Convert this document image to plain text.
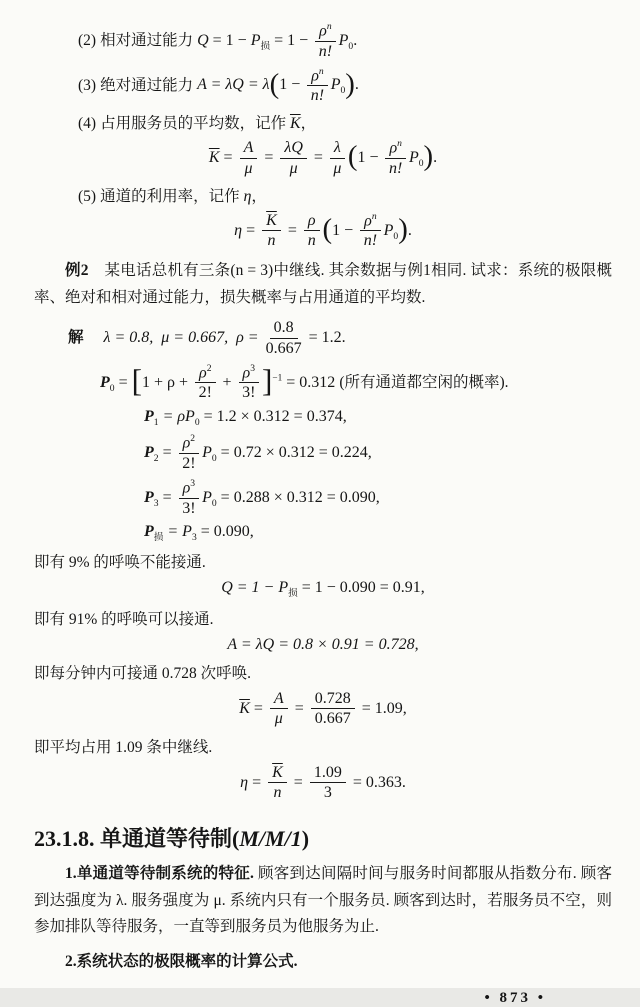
(2) 相对通过能力 $Q = 1 - P_损 = 1 - \frac{\rho^n}{n!} P_0$.
(3) 绝对通过能力 $A = \lambda Q = \lambda(1 - \frac{\rho^n}{n!} P_0)$.
(4) 占用服务员的平均数，记作 $\overline{K}$，
$\overline{K} = \frac{A}{\mu} = \frac{\lambda Q}{\mu} = \frac{\lambda}{\mu} (1 - \frac{\rho^n}{n!} P_0)$.
(5) 通道的利用率，记作 η，
$\eta = \frac{\overline{K}}{n} = \frac{\rho}{n} (1 - \frac{\rho^n}{n!} P_0)$.

例2　 某电话总机有三条(n = 3)中继线. 其余数据与例1相同. 试求：系统的极限概率、绝对和相对通过能力，损失概率与占用通道的平均数.

解　 λ = 0.8, μ = 0.667, $\rho = \frac{0.8}{0.667} = 1.2$.
$P_0 = [1 + \rho + \frac{\rho^2}{2!} + \frac{\rho^3}{3!} ]^{-1} = 0.312$ (所有通道都空闲的概率).
$P_1 = \rho P_0 = 1.2 \times 0.312 = 0.374$,
$P_2 = \frac{\rho^2}{2!} P_0 = 0.72 \times 0.312 = 0.224$,
$P_3 = \frac{\rho^3}{3!} P_0 = 0.288 \times 0.312 = 0.090$,
$P_损 = P_3 = 0.090$,
即有 9% 的呼唤不能接通.
$Q = 1 - P_损 = 1 - 0.090 = 0.91$,
即有 91% 的呼唤可以接通.
A = λQ = 0.8 × 0.91 = 0.728,
即每分钟内可接通 0.728 次呼唤.
$\overline{K} = \frac{A}{\mu} = \frac{0.728}{0.667} = 1.09$,
即平均占用 1.09 条中继线.
$\eta = \frac{\overline{K}}{n} = \frac{1.09}{3} = 0.363$.
23.1.8. 单通道等待制(M/M/1)

1.单通道等待制系统的特征. 顾客到达间隔时间与服务时间都服从指数分布. 顾客到达强度为 λ. 服务强度为 μ. 系统内只有一个服务员. 顾客到达时，若服务员不空，则参加排队等待服务，一直等到服务员为他服务为止.

2.系统状态的极限概率的计算公式.

• 873 •
